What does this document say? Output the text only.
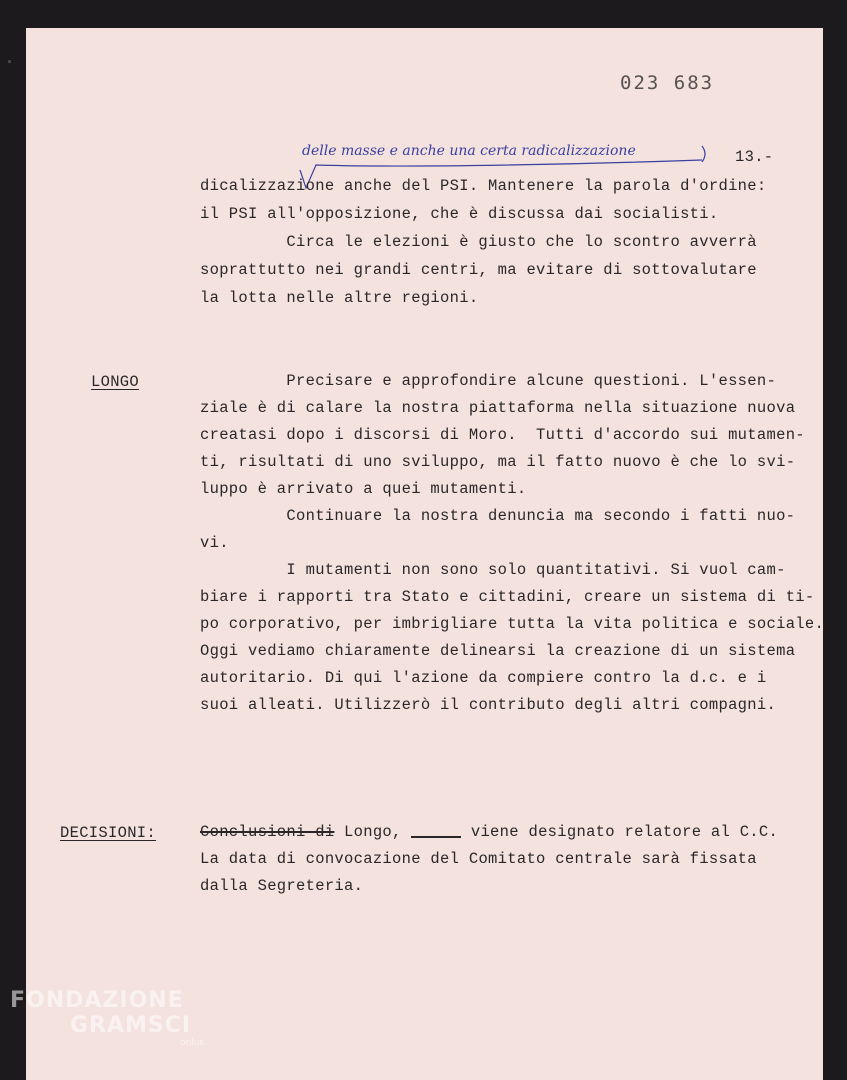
023 683
delle masse e anche una certa radicalizzazione	13.-
dicalizzazione anche del PSI. Mantenere la parola d'ordine:
il PSI all'opposizione, che è discussa dai socialisti.
Circa le elezioni è giusto che lo scontro avverrà
soprattutto nei grandi centri, ma evitare di sottovalutare
la lotta nelle altre regioni.
LONGO	Precisare e approfondire alcune questioni. L'essen-
ziale è di calare la nostra piattaforma nella situazione nuova
creatasi dopo i discorsi di Moro.  Tutti d'accordo sui mutamen-
ti, risultati di uno sviluppo, ma il fatto nuovo è che lo svi-
luppo è arrivato a quei mutamenti.
Continuare la nostra denuncia ma secondo i fatti nuo-
vi.
I mutamenti non sono solo quantitativi. Si vuol cam-
biare i rapporti tra Stato e cittadini, creare un sistema di ti-
po corporativo, per imbrigliare tutta la vita politica e sociale.
Oggi vediamo chiaramente delinearsi la creazione di un sistema
autoritario. Di qui l'azione da compiere contro la d.c. e i
suoi alleati. Utilizzerò il contributo degli altri compagni.
DECISIONI:	Conclusioni di Longo,	viene designato relatore al C.C.
La data di convocazione del Comitato centrale sarà fissata
dalla Segreteria.
FONDAZIONE
GRAMSCI
onlus
